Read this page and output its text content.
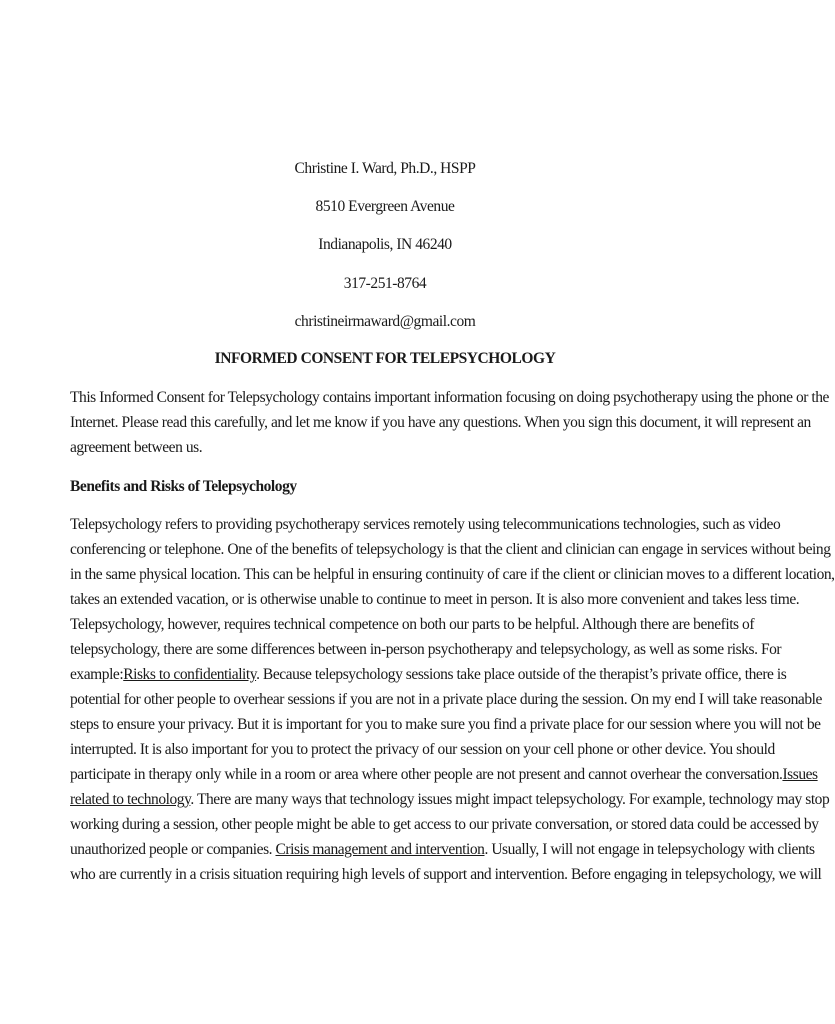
Christine I. Ward, Ph.D., HSPP
8510 Evergreen Avenue
Indianapolis, IN 46240
317-251-8764
christineirmaward@gmail.com
INFORMED CONSENT FOR TELEPSYCHOLOGY
This Informed Consent for Telepsychology contains important information focusing on doing psychotherapy using the phone or the
Internet. Please read this carefully, and let me know if you have any questions. When you sign this document, it will represent an
agreement between us.
Benefits and Risks of Telepsychology
Telepsychology refers to providing psychotherapy services remotely using telecommunications technologies, such as video
conferencing or telephone. One of the benefits of telepsychology is that the client and clinician can engage in services without being
in the same physical location. This can be helpful in ensuring continuity of care if the client or clinician moves to a different location,
takes an extended vacation, or is otherwise unable to continue to meet in person. It is also more convenient and takes less time.
Telepsychology, however, requires technical competence on both our parts to be helpful. Although there are benefits of
telepsychology, there are some differences between in-person psychotherapy and telepsychology, as well as some risks. For
example:Risks to confidentiality. Because telepsychology sessions take place outside of the therapist’s private office, there is
potential for other people to overhear sessions if you are not in a private place during the session. On my end I will take reasonable
steps to ensure your privacy. But it is important for you to make sure you find a private place for our session where you will not be
interrupted. It is also important for you to protect the privacy of our session on your cell phone or other device. You should
participate in therapy only while in a room or area where other people are not present and cannot overhear the conversation.Issues
related to technology. There are many ways that technology issues might impact telepsychology. For example, technology may stop
working during a session, other people might be able to get access to our private conversation, or stored data could be accessed by
unauthorized people or companies. Crisis management and intervention. Usually, I will not engage in telepsychology with clients
who are currently in a crisis situation requiring high levels of support and intervention. Before engaging in telepsychology, we will
